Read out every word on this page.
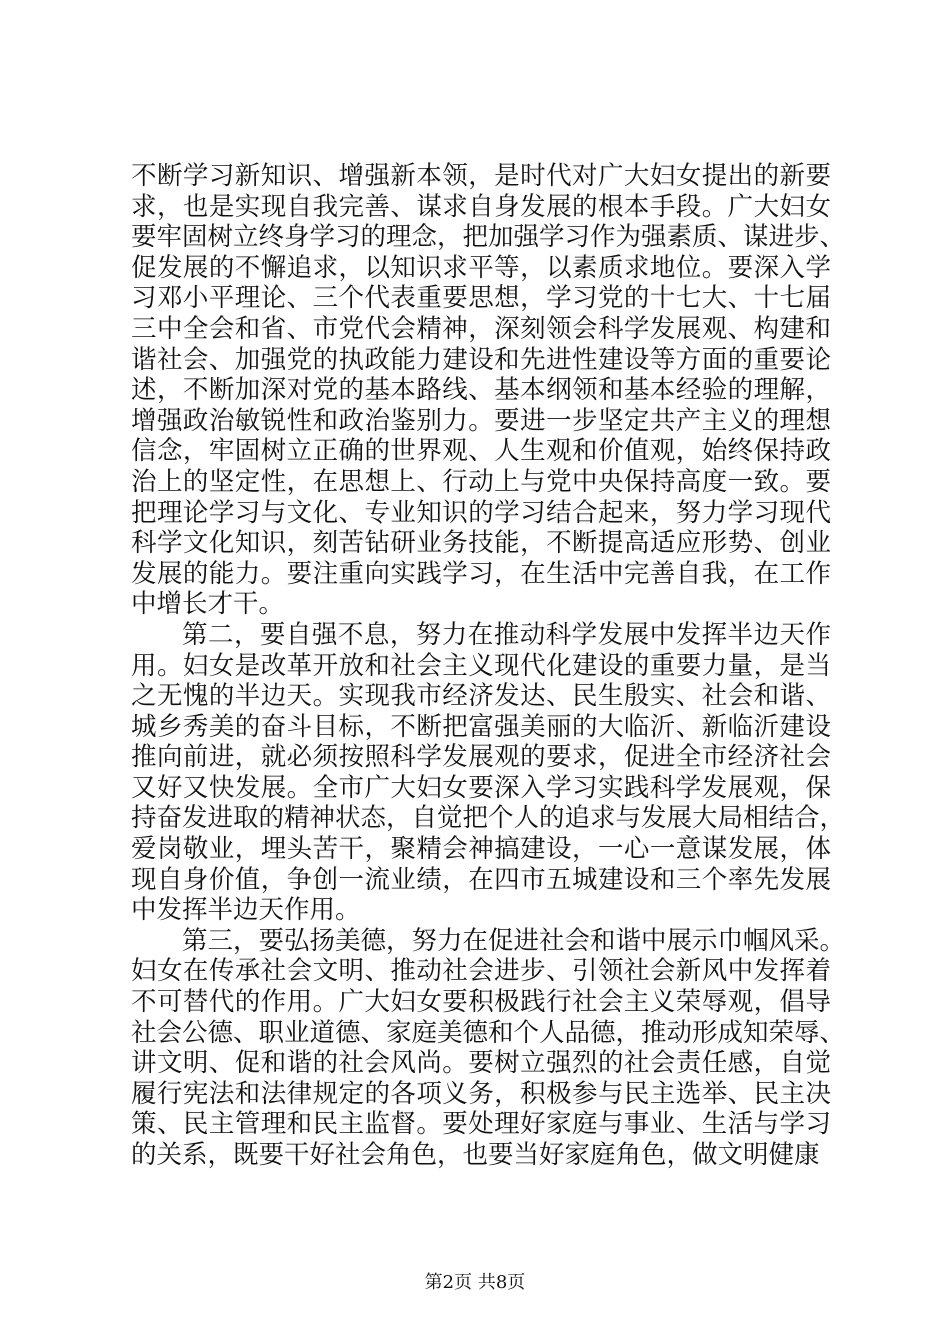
不断学习新知识、增强新本领，是时代对广大妇女提出的新要
求，也是实现自我完善、谋求自身发展的根本手段。广大妇女
要牢固树立终身学习的理念，把加强学习作为强素质、谋进步、
促发展的不懈追求，以知识求平等，以素质求地位。要深入学
习邓小平理论、三个代表重要思想，学习党的十七大、十七届
三中全会和省、市党代会精神，深刻领会科学发展观、构建和
谐社会、加强党的执政能力建设和先进性建设等方面的重要论
述，不断加深对党的基本路线、基本纲领和基本经验的理解，
增强政治敏锐性和政治鉴别力。要进一步坚定共产主义的理想
信念，牢固树立正确的世界观、人生观和价值观，始终保持政
治上的坚定性，在思想上、行动上与党中央保持高度一致。要
把理论学习与文化、专业知识的学习结合起来，努力学习现代
科学文化知识，刻苦钻研业务技能，不断提高适应形势、创业
发展的能力。要注重向实践学习，在生活中完善自我，在工作
中增长才干。
第二，要自强不息，努力在推动科学发展中发挥半边天作
用。妇女是改革开放和社会主义现代化建设的重要力量，是当
之无愧的半边天。实现我市经济发达、民生殷实、社会和谐、
城乡秀美的奋斗目标，不断把富强美丽的大临沂、新临沂建设
推向前进，就必须按照科学发展观的要求，促进全市经济社会
又好又快发展。全市广大妇女要深入学习实践科学发展观，保
持奋发进取的精神状态，自觉把个人的追求与发展大局相结合，
爱岗敬业，埋头苦干，聚精会神搞建设，一心一意谋发展，体
现自身价值，争创一流业绩，在四市五城建设和三个率先发展
中发挥半边天作用。
第三，要弘扬美德，努力在促进社会和谐中展示巾帼风采。
妇女在传承社会文明、推动社会进步、引领社会新风中发挥着
不可替代的作用。广大妇女要积极践行社会主义荣辱观，倡导
社会公德、职业道德、家庭美德和个人品德，推动形成知荣辱、
讲文明、促和谐的社会风尚。要树立强烈的社会责任感，自觉
履行宪法和法律规定的各项义务，积极参与民主选举、民主决
策、民主管理和民主监督。要处理好家庭与事业、生活与学习
的关系，既要干好社会角色，也要当好家庭角色，做文明健康
第2页 共8页
